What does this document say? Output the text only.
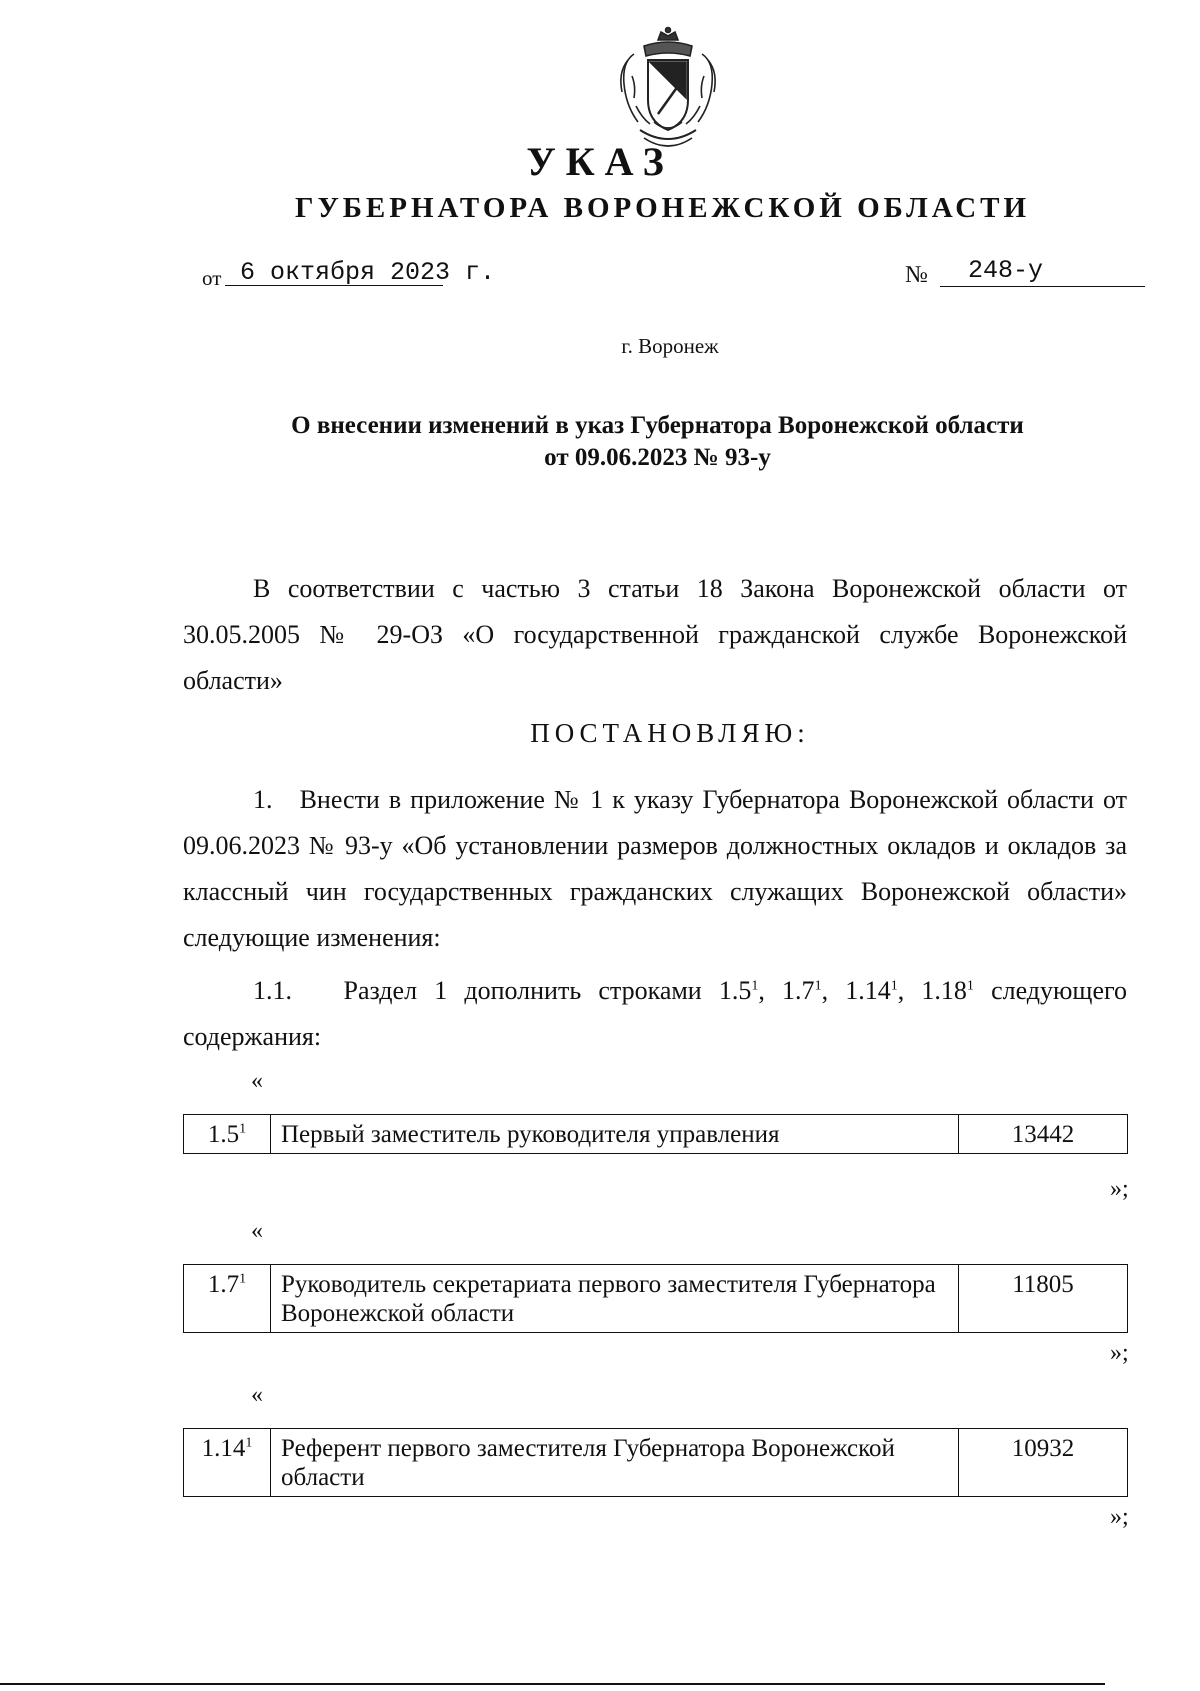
УКАЗ
ГУБЕРНАТОРА ВОРОНЕЖСКОЙ ОБЛАСТИ
от 6 октября 2023 г.	№ 248-у
г. Воронеж
О внесении изменений в указ Губернатора Воронежской области
от 09.06.2023 № 93-у
В соответствии с частью 3 статьи 18 Закона Воронежской области от 30.05.2005 № 29-ОЗ «О государственной гражданской службе Воронежской области»
ПОСТАНОВЛЯЮ:
1.   Внести в приложение № 1 к указу Губернатора Воронежской области от 09.06.2023 № 93-у «Об установлении размеров должностных окладов и окладов за классный чин государственных гражданских служащих Воронежской области» следующие изменения:
1.1.   Раздел 1 дополнить строками $1.5^1$, $1.7^1$, 1.14$^1$, 1.18$^1$ следующего содержания:
«
$1.5^1$	Первый заместитель руководителя управления	13442
»;
«
$1.7^1$	Руководитель секретариата первого заместителя Губернатора Воронежской области	11805
»;
«
1.14$^1$	Референт первого заместителя Губернатора Воронежской области	10932
»;
